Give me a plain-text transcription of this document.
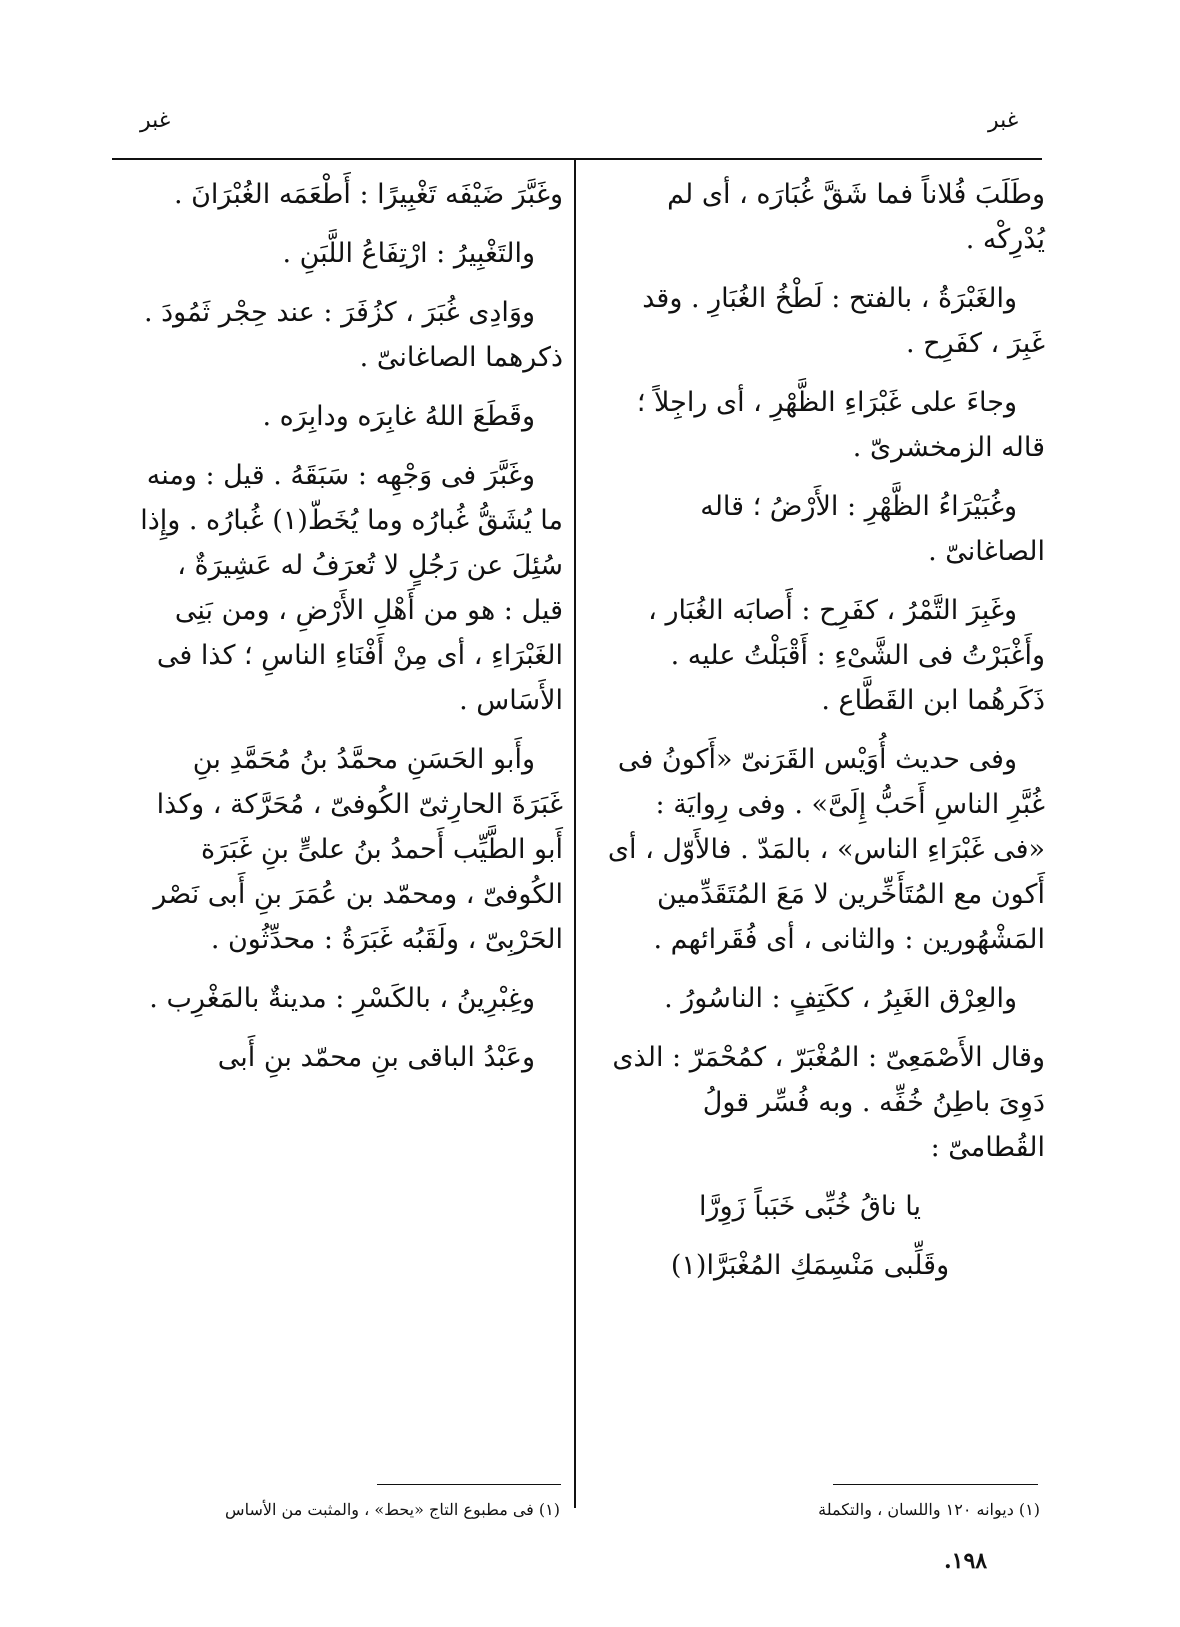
غبر
غبر

وطَلَبَ فُلاناً فما شَقَّ غُبَارَه ، أى لم يُدْرِكْه .

والغَبْرَةُ ، بالفتح : لَطْخُ الغُبَارِ . وقد غَبِرَ ، كفَرِح .

وجاءَ على غَبْرَاءِ الظَّهْرِ ، أى راجِلاً ؛ قاله الزمخشرىّ .

وغُبَيْرَاءُ الظَّهْرِ : الأَرْضُ ؛ قاله الصاغانىّ .

وغَبِرَ التَّمْرُ ، كفَرِح : أَصابَه الغُبَار ، وأَغْبَرْتُ فى الشَّىْءِ : أَقْبَلْتُ عليه . ذَكَرهُما ابن القَطَّاع .

وفى حديث أُوَيْس القَرَنىّ «أَكونُ فى غُبَّرِ الناسِ أَحَبُّ إِلَىَّ» . وفى رِوايَة : «فى غَبْرَاءِ الناس» ، بالمَدّ . فالأَوّل ، أى أَكون مع المُتَأَخِّرين لا مَعَ المُتَقَدِّمين المَشْهُورين : والثانى ، أى فُقَرائهم .

والعِرْق الغَبِرُ ، ككَتِفٍ : الناسُورُ .

وقال الأَصْمَعِىّ : المُغْبَرّ ، كمُحْمَرّ : الذى دَوِىَ باطِنُ خُفِّه . وبه فُسِّر قولُ القُطامىّ :

يا ناقُ خُبِّى خَبَباً زَوِرَّا

وقَلِّبى مَنْسِمَكِ المُغْبَرَّا(١)

وغَبَّرَ ضَيْفَه تَغْبِيرًا : أَطْعَمَه الغُبْرَانَ .

والتَغْبِيرُ : ارْتِفَاعُ اللَّبَنِ .

ووَادِى غُبَرَ ، كزُفَرَ : عند حِجْر ثَمُودَ . ذكرهما الصاغانىّ .

وقَطَعَ اللهُ غابِرَه ودابِرَه .

وغَبَّرَ فى وَجْهِه : سَبَقَهُ . قيل : ومنه ما يُشَقُّ غُبارُه وما يُخَطّ(١) غُبارُه . وإِذا سُئِلَ عن رَجُلٍ لا تُعرَفُ له عَشِيرَةٌ ، قيل : هو من أَهْلِ الأَرْضِ ، ومن بَنِى الغَبْرَاءِ ، أى مِنْ أَفْنَاءِ الناسِ ؛ كذا فى الأَسَاس .

وأَبو الحَسَنِ محمَّدُ بنُ مُحَمَّدِ بنِ غَبَرَةَ الحارِثىّ الكُوفىّ ، مُحَرَّكة ، وكذا أَبو الطَّيِّب أَحمدُ بنُ علىٍّ بنِ غَبَرَة الكُوفىّ ، ومحمّد بن عُمَرَ بنِ أَبى نَصْر الحَرْبِىّ ، ولَقَبُه غَبَرَةُ : محدِّثُون .

وغِبْرِينُ ، بالكَسْرِ : مدينةٌ بالمَغْرِب .

وعَبْدُ الباقى بنِ محمّد بنِ أَبى

(١) ديوانه ١٢٠ واللسان ، والتكملة
(١) فى مطبوع التاج «يحط» ، والمثبت من الأساس
.١٩٨
